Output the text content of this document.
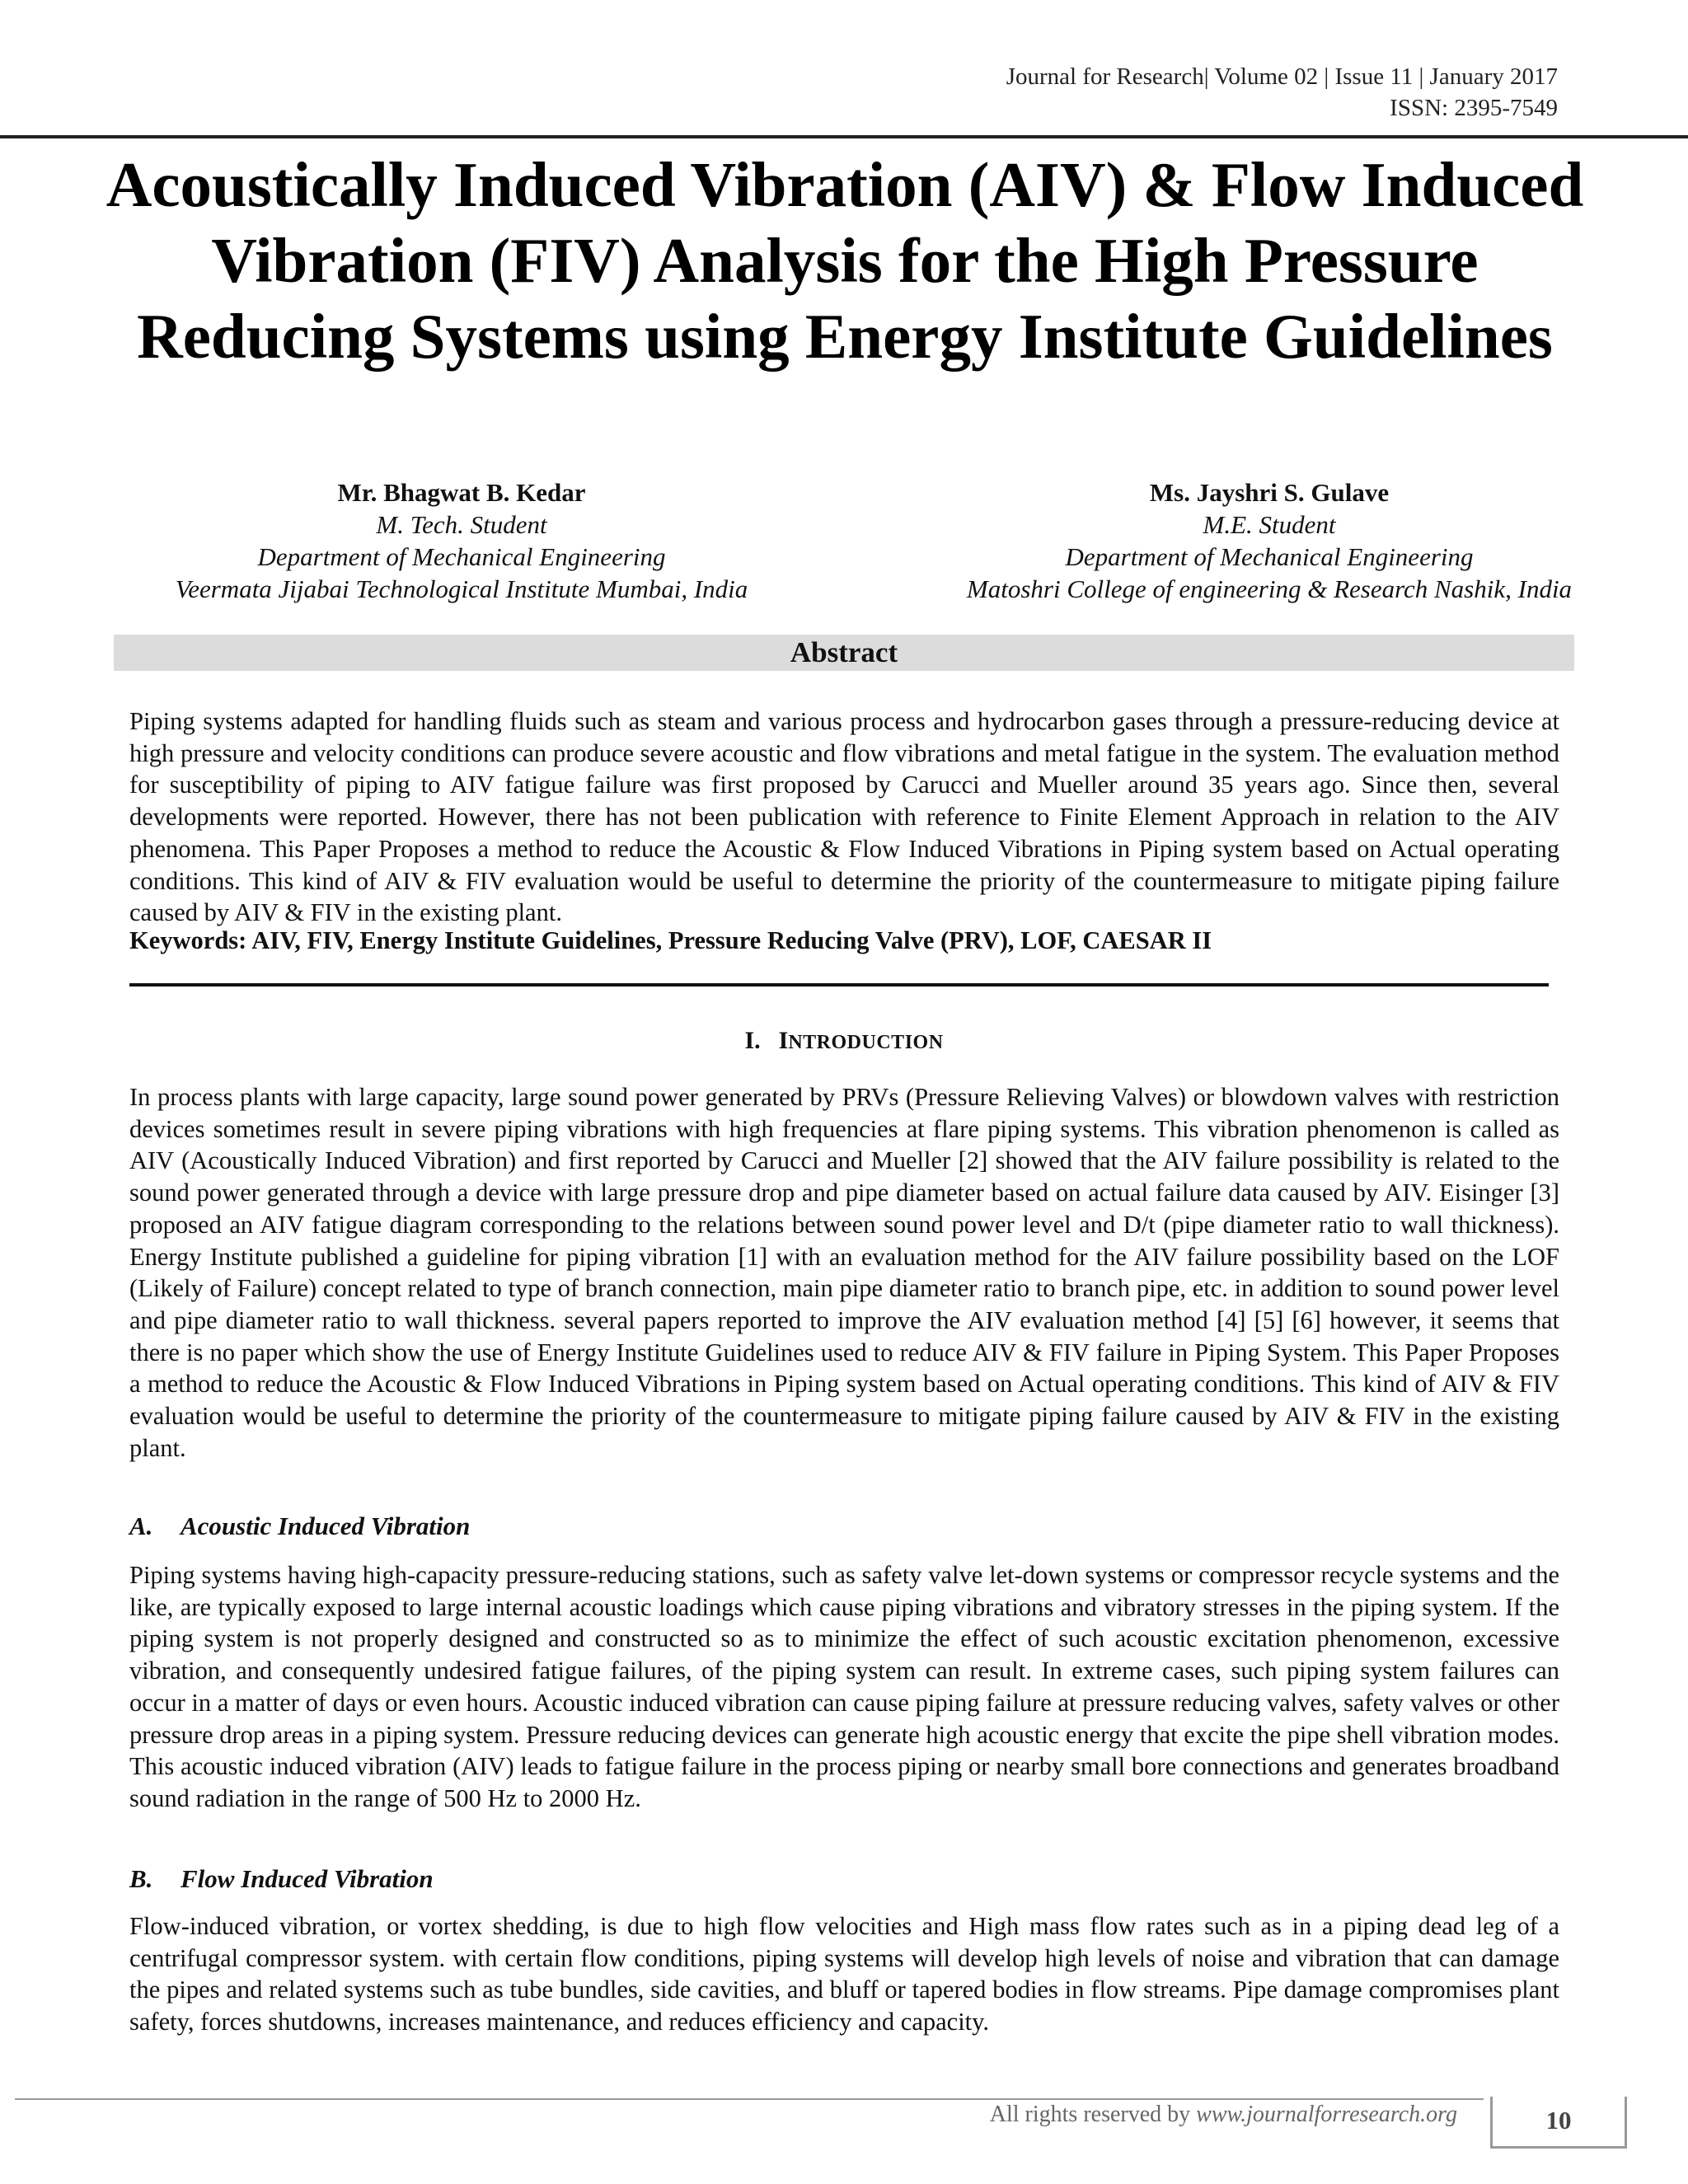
Journal for Research| Volume 02 | Issue 11 | January 2017
ISSN: 2395-7549
Acoustically Induced Vibration (AIV) & Flow Induced Vibration (FIV) Analysis for the High Pressure Reducing Systems using Energy Institute Guidelines
Mr. Bhagwat B. Kedar
M. Tech. Student
Department of Mechanical Engineering
Veermata Jijabai Technological Institute Mumbai, India
Ms. Jayshri S. Gulave
M.E. Student
Department of Mechanical Engineering
Matoshri College of engineering & Research Nashik, India
Abstract

Piping systems adapted for handling fluids such as steam and various process and hydrocarbon gases through a pressure-reducing device at high pressure and velocity conditions can produce severe acoustic and flow vibrations and metal fatigue in the system. The evaluation method for susceptibility of piping to AIV fatigue failure was first proposed by Carucci and Mueller around 35 years ago. Since then, several developments were reported. However, there has not been publication with reference to Finite Element Approach in relation to the AIV phenomena. This Paper Proposes a method to reduce the Acoustic & Flow Induced Vibrations in Piping system based on Actual operating conditions. This kind of AIV & FIV evaluation would be useful to determine the priority of the countermeasure to mitigate piping failure caused by AIV & FIV in the existing plant.

Keywords: AIV, FIV, Energy Institute Guidelines, Pressure Reducing Valve (PRV), LOF, CAESAR II
I. INTRODUCTION

In process plants with large capacity, large sound power generated by PRVs (Pressure Relieving Valves) or blowdown valves with restriction devices sometimes result in severe piping vibrations with high frequencies at flare piping systems. This vibration phenomenon is called as AIV (Acoustically Induced Vibration) and first reported by Carucci and Mueller [2] showed that the AIV failure possibility is related to the sound power generated through a device with large pressure drop and pipe diameter based on actual failure data caused by AIV. Eisinger [3] proposed an AIV fatigue diagram corresponding to the relations between sound power level and D/t (pipe diameter ratio to wall thickness). Energy Institute published a guideline for piping vibration [1] with an evaluation method for the AIV failure possibility based on the LOF (Likely of Failure) concept related to type of branch connection, main pipe diameter ratio to branch pipe, etc. in addition to sound power level and pipe diameter ratio to wall thickness. several papers reported to improve the AIV evaluation method [4] [5] [6] however, it seems that there is no paper which show the use of Energy Institute Guidelines used to reduce AIV & FIV failure in Piping System. This Paper Proposes a method to reduce the Acoustic & Flow Induced Vibrations in Piping system based on Actual operating conditions. This kind of AIV & FIV evaluation would be useful to determine the priority of the countermeasure to mitigate piping failure caused by AIV & FIV in the existing plant.

A. Acoustic Induced Vibration

Piping systems having high-capacity pressure-reducing stations, such as safety valve let-down systems or compressor recycle systems and the like, are typically exposed to large internal acoustic loadings which cause piping vibrations and vibratory stresses in the piping system. If the piping system is not properly designed and constructed so as to minimize the effect of such acoustic excitation phenomenon, excessive vibration, and consequently undesired fatigue failures, of the piping system can result. In extreme cases, such piping system failures can occur in a matter of days or even hours. Acoustic induced vibration can cause piping failure at pressure reducing valves, safety valves or other pressure drop areas in a piping system. Pressure reducing devices can generate high acoustic energy that excite the pipe shell vibration modes. This acoustic induced vibration (AIV) leads to fatigue failure in the process piping or nearby small bore connections and generates broadband sound radiation in the range of 500 Hz to 2000 Hz.

B. Flow Induced Vibration

Flow-induced vibration, or vortex shedding, is due to high flow velocities and High mass flow rates such as in a piping dead leg of a centrifugal compressor system. with certain flow conditions, piping systems will develop high levels of noise and vibration that can damage the pipes and related systems such as tube bundles, side cavities, and bluff or tapered bodies in flow streams. Pipe damage compromises plant safety, forces shutdowns, increases maintenance, and reduces efficiency and capacity.

All rights reserved by www.journalforresearch.org	10
